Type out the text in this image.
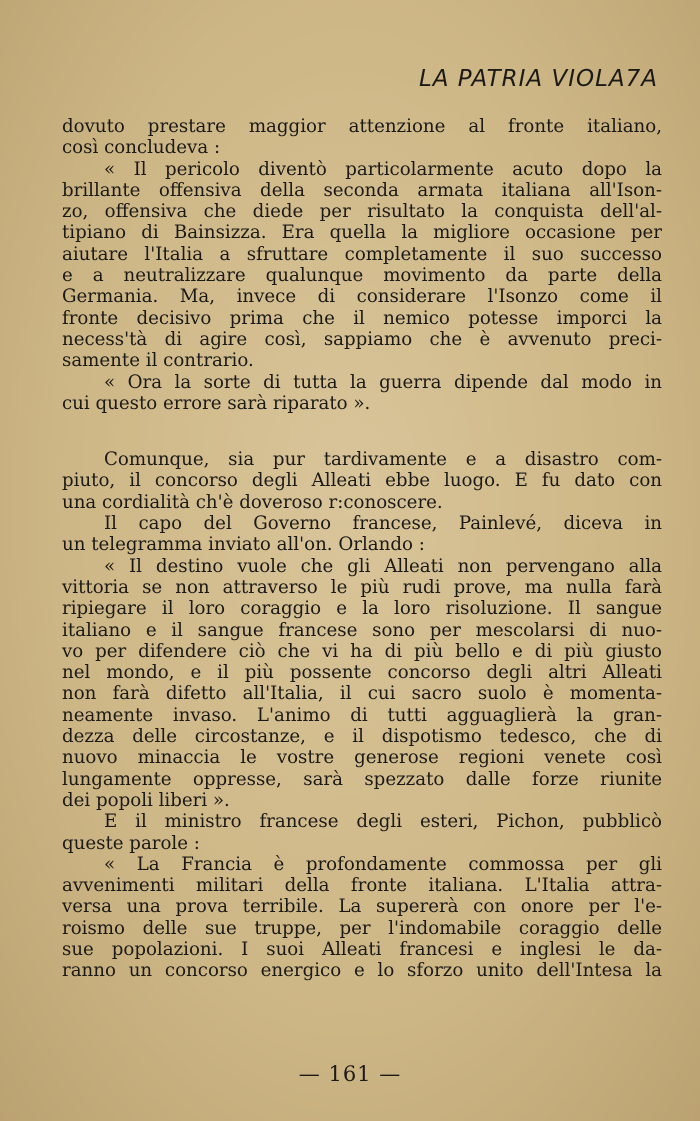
LA PATRIA VIOLA7A
dovuto prestare maggior attenzione al fronte italiano,
così concludeva :
« Il pericolo diventò particolarmente acuto dopo la
brillante offensiva della seconda armata italiana all'Ison-
zo, offensiva che diede per risultato la conquista dell'al-
tipiano di Bainsizza. Era quella la migliore occasione per
aiutare l'Italia a sfruttare completamente il suo successo
e a neutralizzare qualunque movimento da parte della
Germania. Ma, invece di considerare l'Isonzo come il
fronte decisivo prima che il nemico potesse imporci la
necess'tà di agire così, sappiamo che è avvenuto preci-
samente il contrario.
« Ora la sorte di tutta la guerra dipende dal modo in
cui questo errore sarà riparato ».
Comunque, sia pur tardivamente e a disastro com-
piuto, il concorso degli Alleati ebbe luogo. E fu dato con
una cordialità ch'è doveroso r:conoscere.
Il capo del Governo francese, Painlevé, diceva in
un telegramma inviato all'on. Orlando :
« Il destino vuole che gli Alleati non pervengano alla
vittoria se non attraverso le più rudi prove, ma nulla farà
ripiegare il loro coraggio e la loro risoluzione. Il sangue
italiano e il sangue francese sono per mescolarsi di nuo-
vo per difendere ciò che vi ha di più bello e di più giusto
nel mondo, e il più possente concorso degli altri Alleati
non farà difetto all'Italia, il cui sacro suolo è momenta-
neamente invaso. L'animo di tutti agguaglierà la gran-
dezza delle circostanze, e il dispotismo tedesco, che di
nuovo minaccia le vostre generose regioni venete così
lungamente oppresse, sarà spezzato dalle forze riunite
dei popoli liberi ».
E il ministro francese degli esteri, Pichon, pubblicò
queste parole :
« La Francia è profondamente commossa per gli
avvenimenti militari della fronte italiana. L'Italia attra-
versa una prova terribile. La supererà con onore per l'e-
roismo delle sue truppe, per l'indomabile coraggio delle
sue popolazioni. I suoi Alleati francesi e inglesi le da-
ranno un concorso energico e lo sforzo unito dell'Intesa la
— 161 —
